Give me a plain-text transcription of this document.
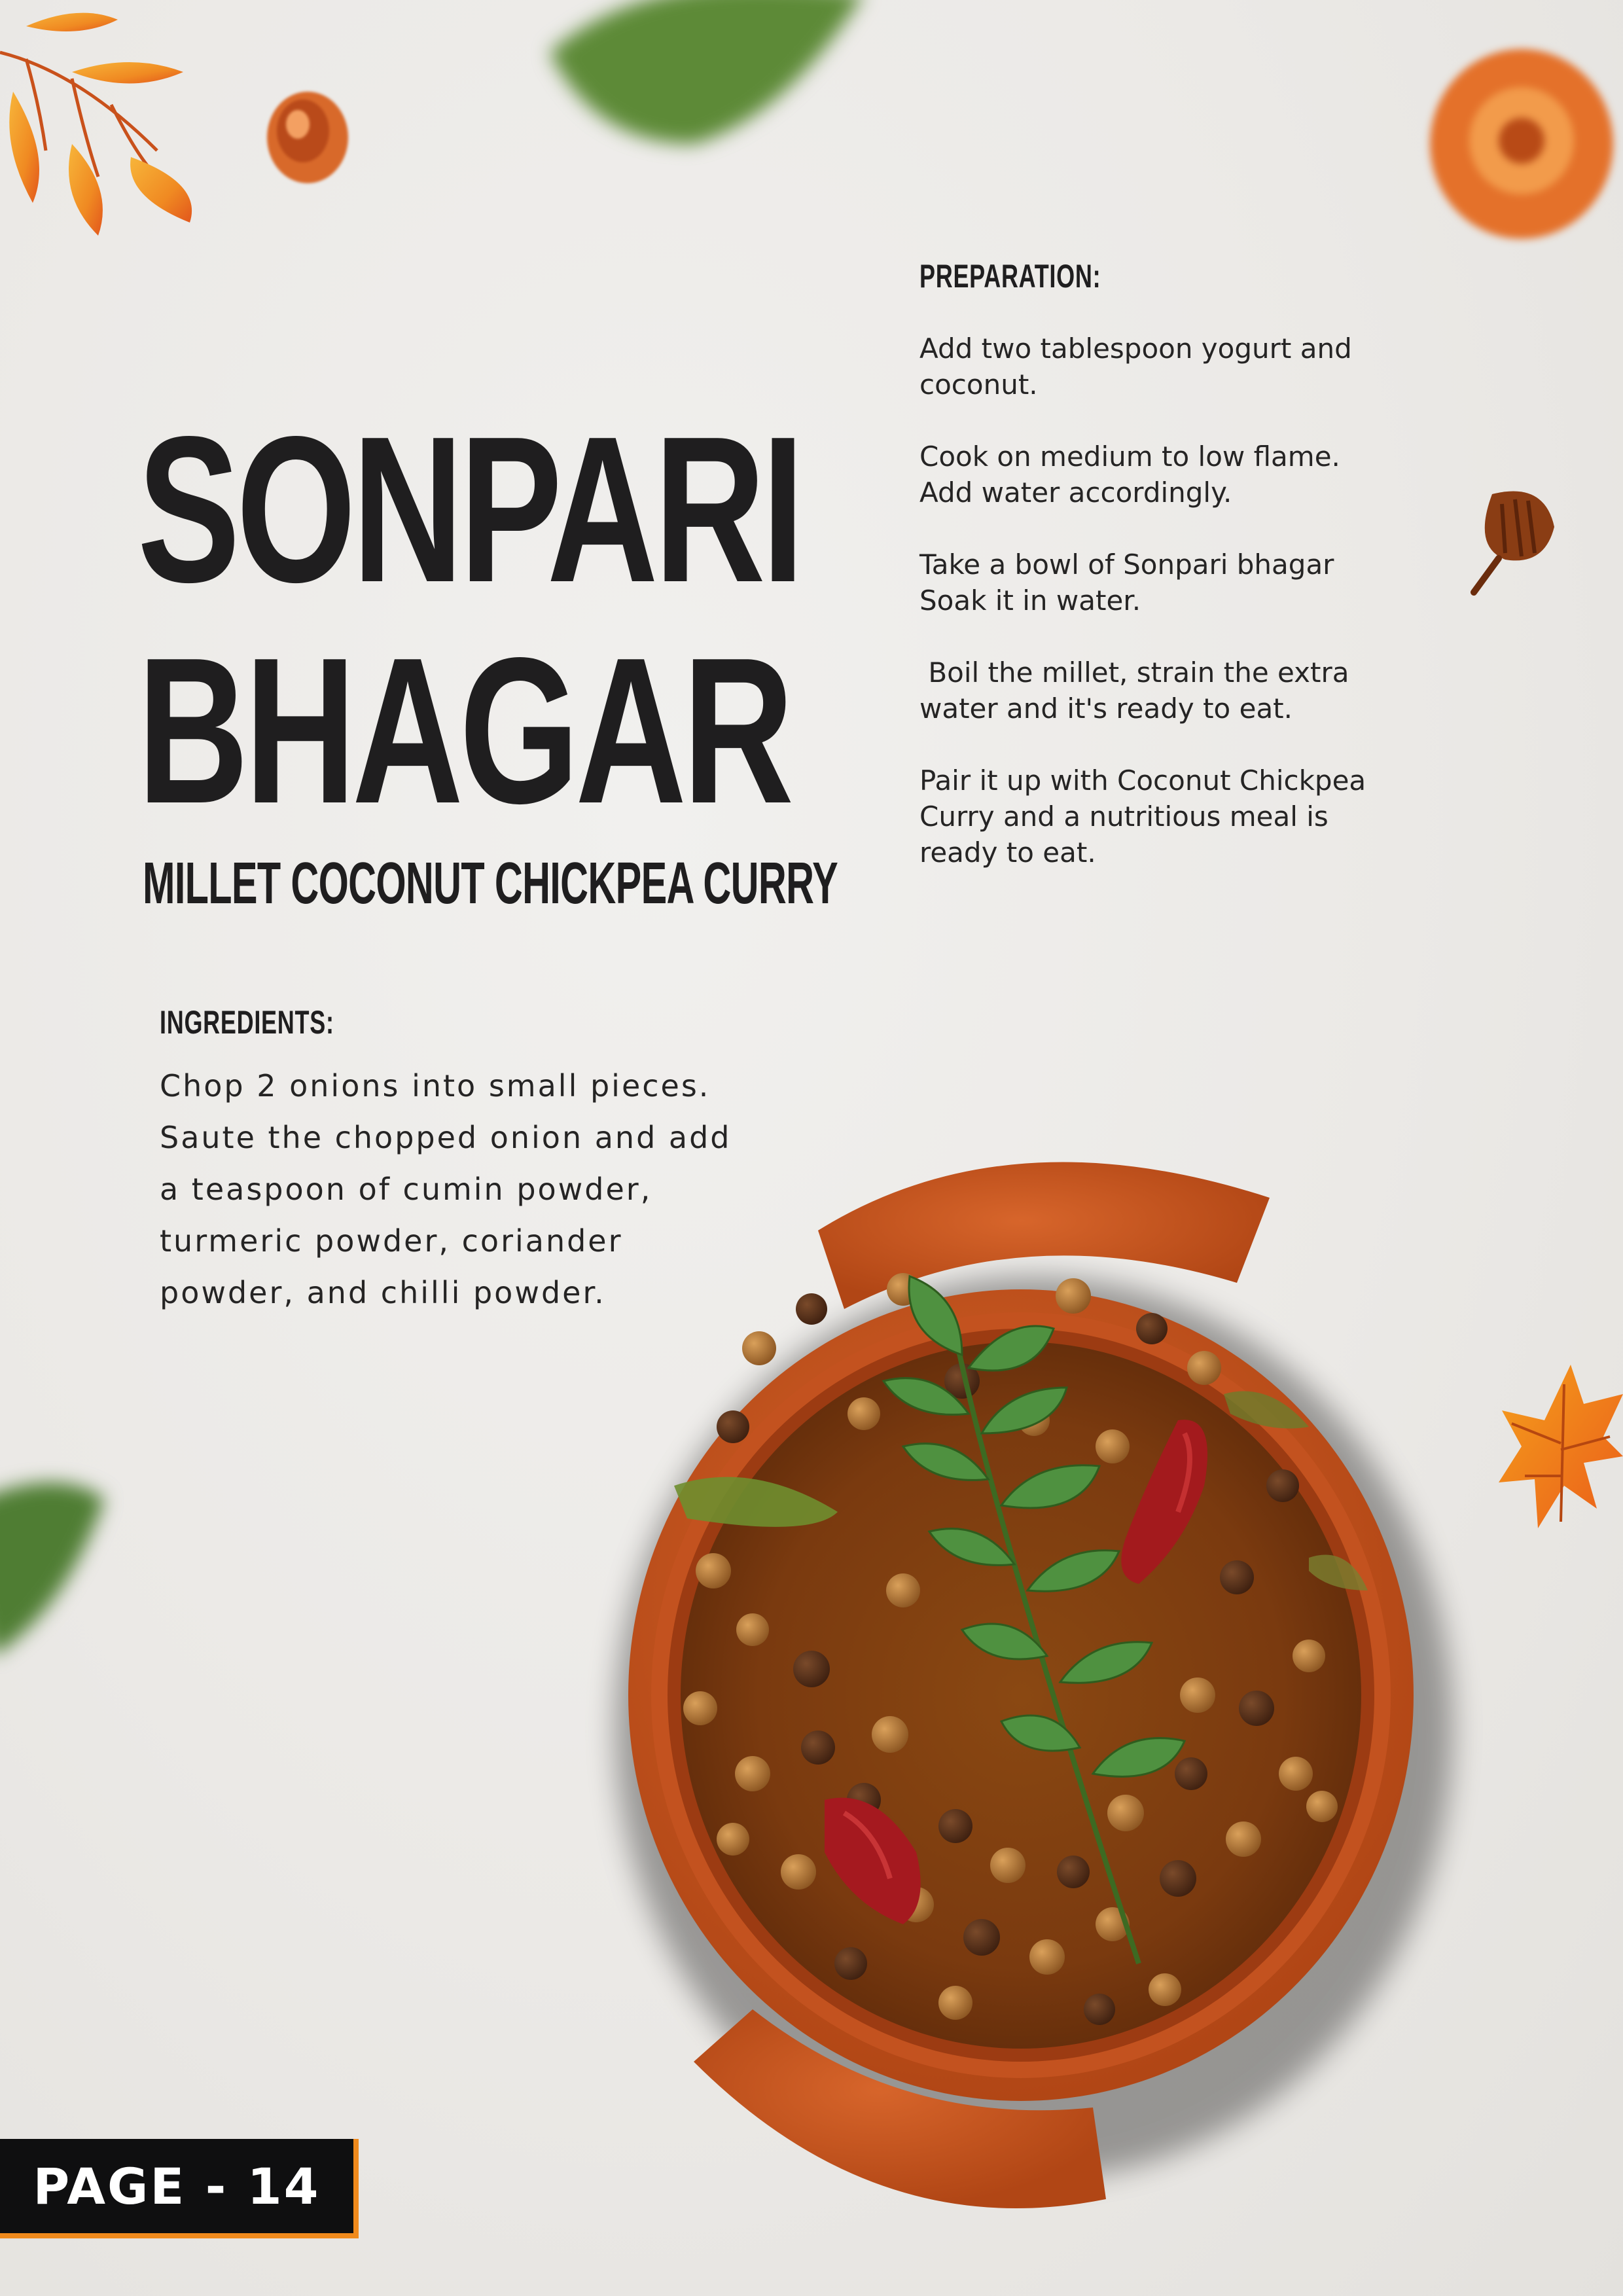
SONPARI
BHAGAR
MILLET COCONUT CHICKPEA CURRY
PREPARATION:
Add two tablespoon yogurt and
coconut.
Cook on medium to low flame.
Add water accordingly.
Take a bowl of Sonpari bhagar
Soak it in water.
Boil the millet, strain the extra
water and it's ready to eat.
Pair it up with Coconut Chickpea
Curry and a nutritious meal is
ready to eat.
INGREDIENTS:

Chop 2 onions into small pieces.
Saute the chopped onion and add
a teaspoon of cumin powder,
turmeric powder, coriander
powder, and chilli powder.

PAGE - 14
